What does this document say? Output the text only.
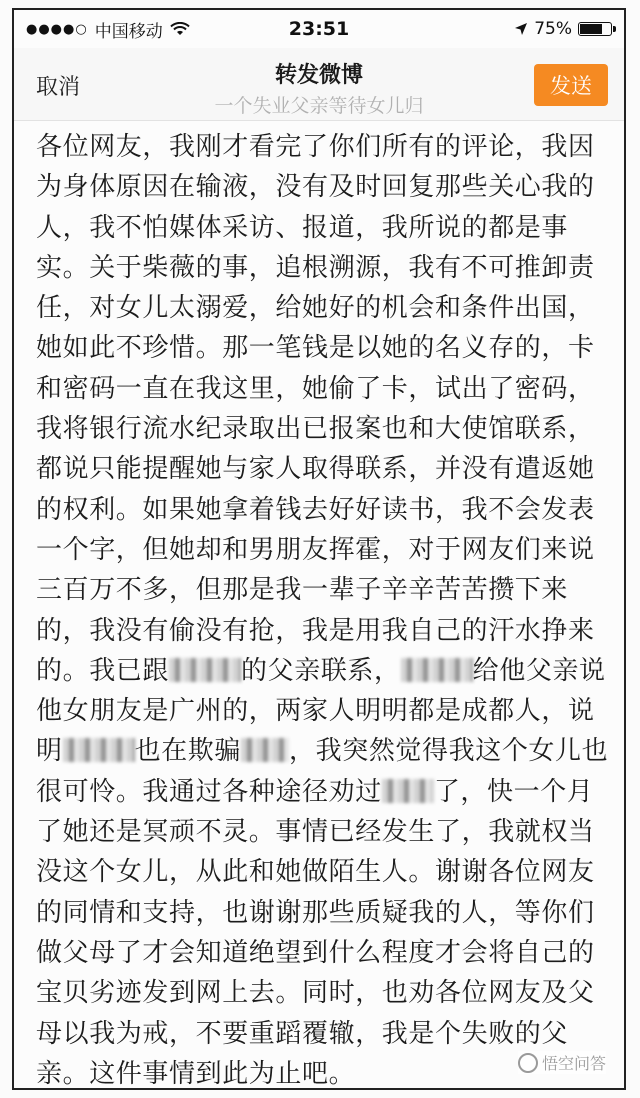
●●●●○ 中国移动	23:51	75%
取消	转发微博
一个失业父亲等待女儿归
发送
各位网友，我刚才看完了你们所有的评论，我因为身体原因在输液，没有及时回复那些关心我的人，我不怕媒体采访、报道，我所说的都是事实。关于柴薇的事，追根溯源，我有不可推卸责任，对女儿太溺爱，给她好的机会和条件出国，她如此不珍惜。那一笔钱是以她的名义存的，卡和密码一直在我这里，她偷了卡，试出了密码，我将银行流水纪录取出已报案也和大使馆联系，都说只能提醒她与家人取得联系，并没有遣返她的权利。如果她拿着钱去好好读书，我不会发表一个字，但她却和男朋友挥霍，对于网友们来说三百万不多，但那是我一辈子辛辛苦苦攒下来的，我没有偷没有抢，我是用我自己的汗水挣来的。我已跟	的父亲联系，	给他父亲说他女朋友是广州的，两家人明明都是成都人，说明	也在欺骗 ，我突然觉得我这个女儿也很可怜。我通过各种途径劝过 了，快一个月了她还是冥顽不灵。事情已经发生了，我就权当没这个女儿，从此和她做陌生人。谢谢各位网友的同情和支持，也谢谢那些质疑我的人，等你们做父母了才会知道绝望到什么程度才会将自己的宝贝劣迹发到网上去。同时，也劝各位网友及父母以我为戒，不要重蹈覆辙，我是个失败的父亲。这件事情到此为止吧。	悟空问答
